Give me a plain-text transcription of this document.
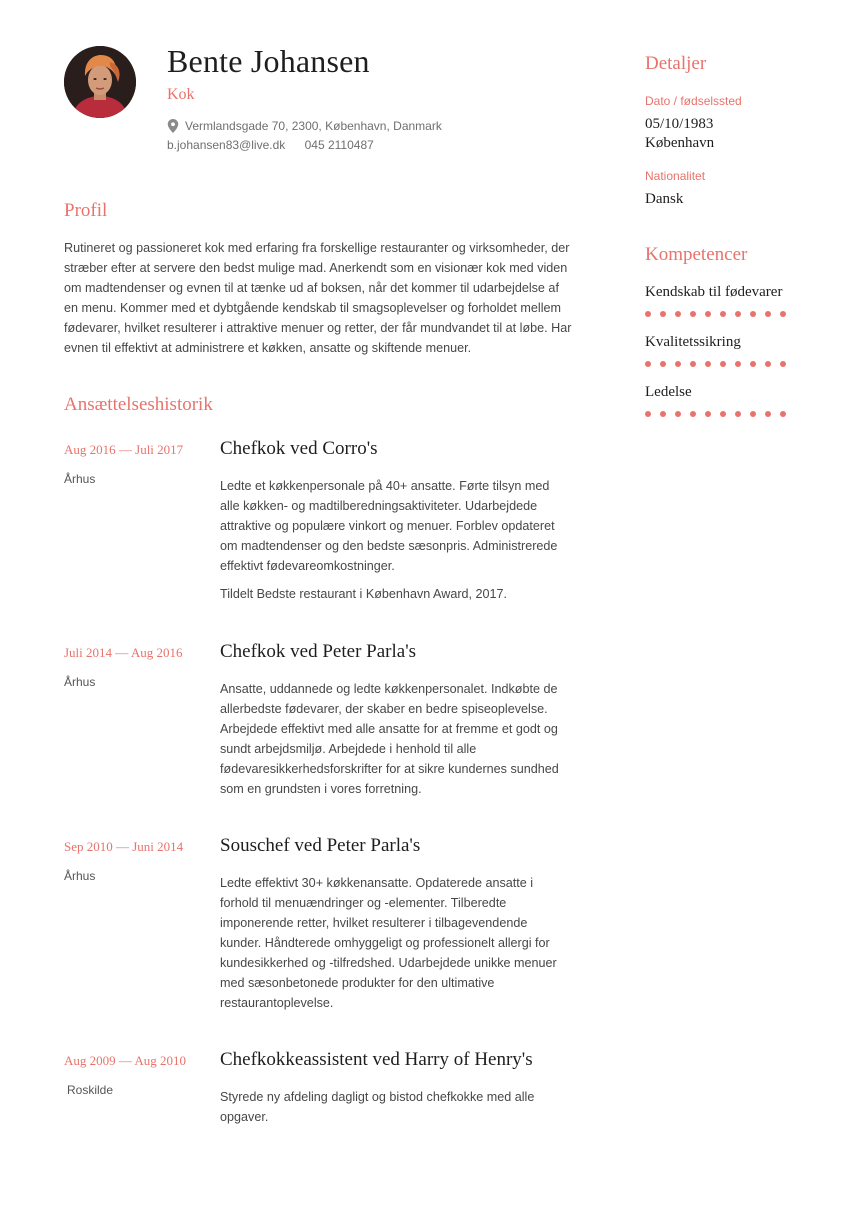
Bente Johansen
Kok
Vermlandsgade 70, 2300, København, Danmark
b.johansen83@live.dk 045 2110487
Profil
Rutineret og passioneret kok med erfaring fra forskellige restauranter og virksomheder, der stræber efter at servere den bedst mulige mad. Anerkendt som en visionær kok med viden om madtendenser og evnen til at tænke ud af boksen, når det kommer til udarbejdelse af en menu. Kommer med et dybtgående kendskab til smagsoplevelser og forholdet mellem fødevarer, hvilket resulterer i attraktive menuer og retter, der får mundvandet til at løbe. Har evnen til effektivt at administrere et køkken, ansatte og skiftende menuer.
Ansættelseshistorik
Aug 2016 — Juli 2017
Århus
Chefkok ved Corro's
Ledte et køkkenpersonale på 40+ ansatte. Førte tilsyn med alle køkken- og madtilberedningsaktiviteter. Udarbejdede attraktive og populære vinkort og menuer. Forblev opdateret om madtendenser og den bedste sæsonpris. Administrerede effektivt fødevareomkostninger.
Tildelt Bedste restaurant i København Award, 2017.
Juli 2014 — Aug 2016
Århus
Chefkok ved Peter Parla's
Ansatte, uddannede og ledte køkkenpersonalet. Indkøbte de allerbedste fødevarer, der skaber en bedre spiseoplevelse. Arbejdede effektivt med alle ansatte for at fremme et godt og sundt arbejdsmiljø. Arbejdede i henhold til alle fødevaresikkerhedsforskrifter for at sikre kundernes sundhed som en grundsten i vores forretning.
Sep 2010 — Juni 2014
Århus
Souschef ved Peter Parla's
Ledte effektivt 30+ køkkenansatte. Opdaterede ansatte i forhold til menuændringer og -elementer. Tilberedte imponerende retter, hvilket resulterer i tilbagevendende kunder. Håndterede omhyggeligt og professionelt allergi for kundesikkerhed og -tilfredshed. Udarbejdede unikke menuer med sæsonbetonede produkter for den ultimative restaurantoplevelse.
Aug 2009 — Aug 2010
Roskilde
Chefkokkeassistent ved Harry of Henry's
Styrede ny afdeling dagligt og bistod chefkokke med alle opgaver.
Detaljer
Dato / fødselssted
05/10/1983
København
Nationalitet
Dansk
Kompetencer
Kendskab til fødevarer
Kvalitetssikring
Ledelse
